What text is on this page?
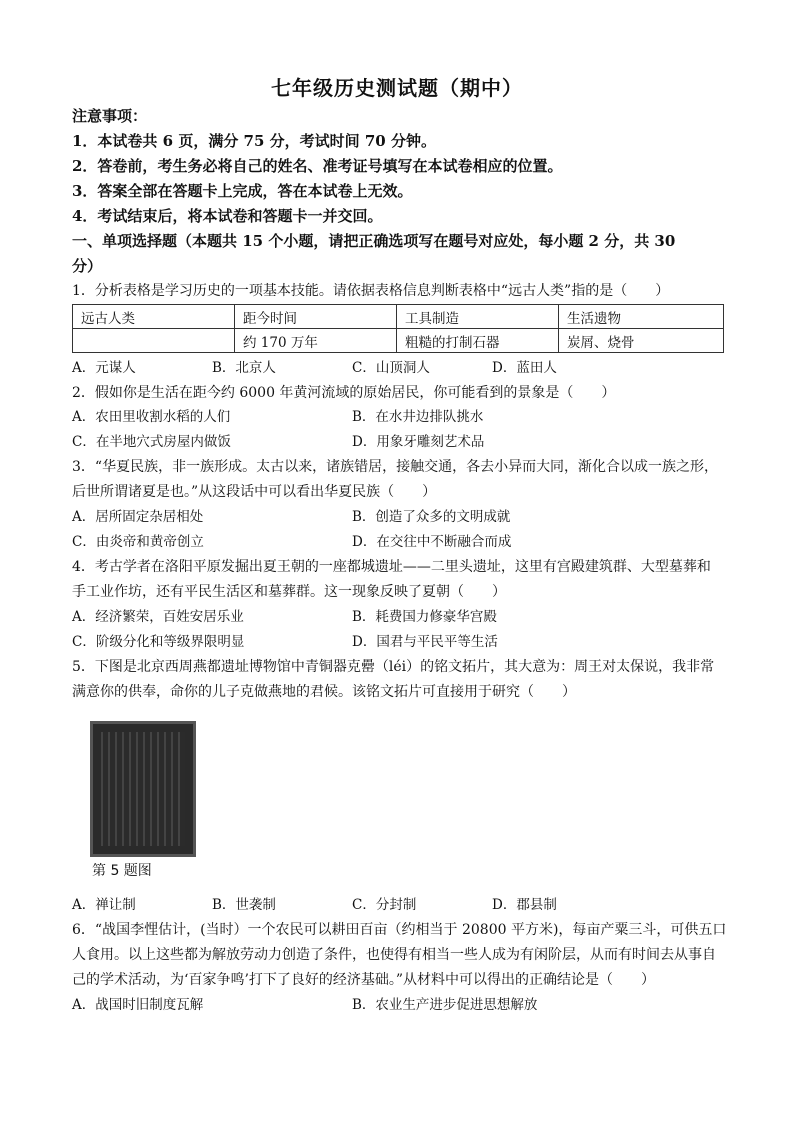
七年级历史测试题（期中）
注意事项：
1．本试卷共 6 页，满分 75 分，考试时间 70 分钟。
2．答卷前，考生务必将自己的姓名、准考证号填写在本试卷相应的位置。
3．答案全部在答题卡上完成，答在本试卷上无效。
4．考试结束后，将本试卷和答题卡一并交回。
一、单项选择题（本题共 15 个小题，请把正确选项写在题号对应处，每小题 2 分，共 30
分）
1．分析表格是学习历史的一项基本技能。请依据表格信息判断表格中“远古人类”指的是（　　）
远古人类	距今时间	工具制造	生活遗物
	约 170 万年	粗糙的打制石器	炭屑、烧骨
A．元谋人	B．北京人	C．山顶洞人	D．蓝田人
2．假如你是生活在距今约 6000 年黄河流域的原始居民，你可能看到的景象是（　　）
A．农田里收割水稻的人们	B．在水井边排队挑水
C．在半地穴式房屋内做饭	D．用象牙雕刻艺术品
3．“华夏民族，非一族形成。太古以来，诸族错居，接触交通，各去小异而大同，渐化合以成一族之形，
后世所谓诸夏是也。”从这段话中可以看出华夏民族（　　）
A．居所固定杂居相处	B．创造了众多的文明成就
C．由炎帝和黄帝创立	D．在交往中不断融合而成
4．考古学者在洛阳平原发掘出夏王朝的一座都城遗址——二里头遗址，这里有宫殿建筑群、大型墓葬和
手工业作坊，还有平民生活区和墓葬群。这一现象反映了夏朝（　　）
A．经济繁荣，百姓安居乐业	B．耗费国力修豪华宫殿
C．阶级分化和等级界限明显	D．国君与平民平等生活
5．下图是北京西周燕都遗址博物馆中青铜器克罍（léi）的铭文拓片，其大意为：周王对太保说，我非常
满意你的供奉，命你的儿子克做燕地的君候。该铭文拓片可直接用于研究（　　）
第 5 题图
A．禅让制	B．世袭制	C．分封制	D．郡县制
6．“战国李悝估计，(当时）一个农民可以耕田百亩（约相当于 20800 平方米)，每亩产粟三斗，可供五口
人食用。以上这些都为解放劳动力创造了条件，也使得有相当一些人成为有闲阶层，从而有时间去从事自
己的学术活动，为‘百家争鸣’打下了良好的经济基础。”从材料中可以得出的正确结论是（　　）
A．战国时旧制度瓦解	B．农业生产进步促进思想解放
